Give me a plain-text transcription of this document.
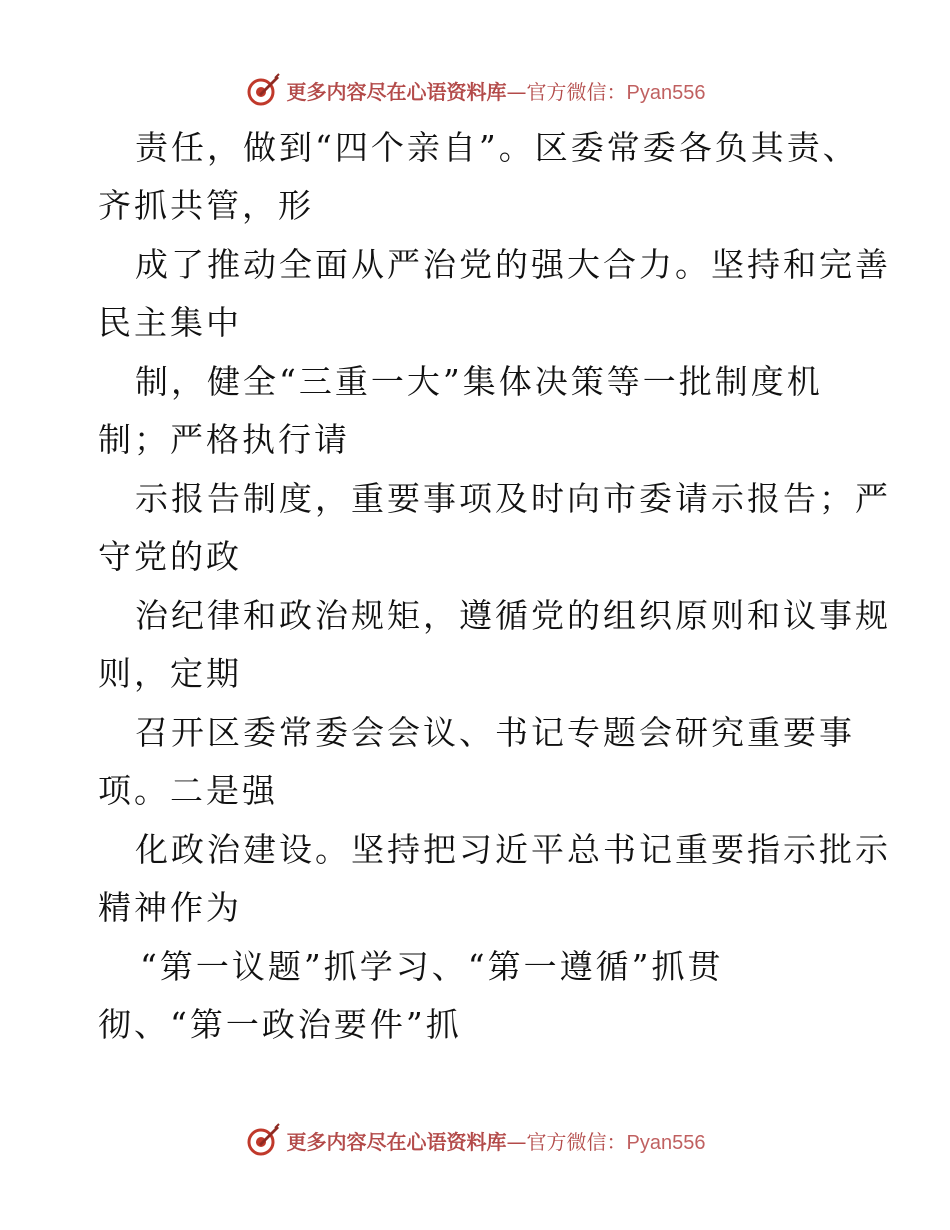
更多内容尽在心语资料库—官方微信：Pyan556
责任，做到“四个亲自”。区委常委各负其责、
齐抓共管，形
成了推动全面从严治党的强大合力。坚持和完善
民主集中
制，健全“三重一大”集体决策等一批制度机
制；严格执行请
示报告制度，重要事项及时向市委请示报告；严
守党的政
治纪律和政治规矩，遵循党的组织原则和议事规
则，定期
召开区委常委会会议、书记专题会研究重要事
项。二是强
化政治建设。坚持把习近平总书记重要指示批示
精神作为
“第一议题”抓学习、“第一遵循”抓贯
彻、“第一政治要件”抓
更多内容尽在心语资料库—官方微信：Pyan556
